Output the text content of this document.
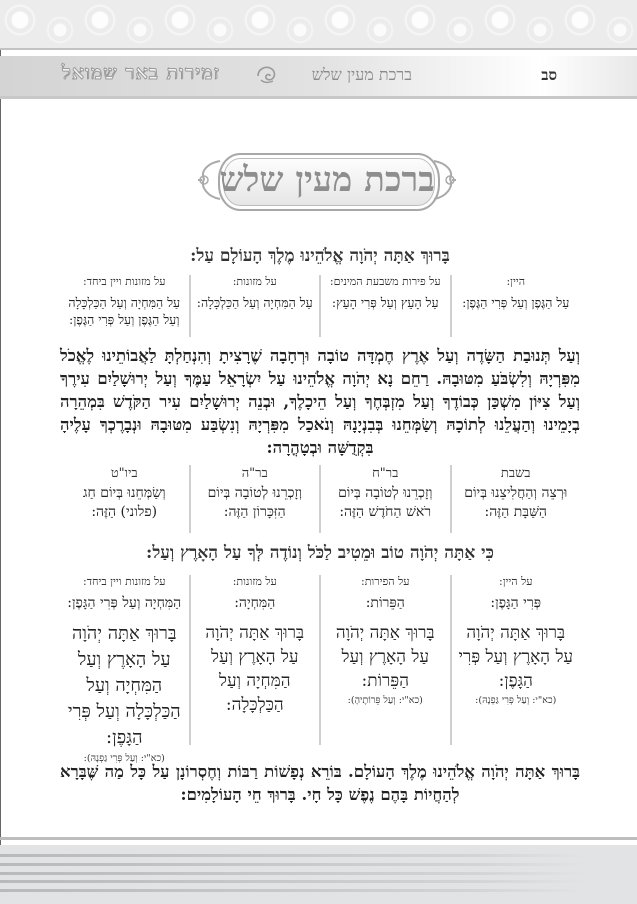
סב
ברכת מעין שלש
זמירות באר שמואל
ברכת מעין שלש
בָּרוּךְ אַתָּה יְהֹוָה אֱלֹהֵינוּ מֶלֶךְ הָעוֹלָם עַל:
היין:
עַל הַגֶּפֶן וְעַל פְּרִי הַגֶּפֶן:
על פירות משבעת המינים:
עַל הָעֵץ וְעַל פְּרִי הָעֵץ:
על מזונות:
עַל הַמִּחְיָה וְעַל הַכַּלְכָּלָה:
על מזונות ויין ביחד:
עַל הַמִּחְיָה וְעַל הַכַּלְכָּלָה וְעַל הַגֶּפֶן וְעַל פְּרִי הַגֶּפֶן:
וְעַל תְּנוּבַת הַשָּׂדֶה וְעַל אֶרֶץ חֶמְדָּה טוֹבָה וּרְחָבָה שֶׁרָצִיתָ וְהִנְחַלְתָּ לַאֲבוֹתֵינוּ לֶאֱכֹל מִפִּרְיָהּ וְלִשְׂבֹּעַ מִטּוּבָהּ. רַחֵם נָא יְהֹוָה אֱלֹהֵינוּ עַל יִשְׂרָאֵל עַמֶּךָ וְעַל יְרוּשָׁלַיִם עִירֶךָ וְעַל צִיּוֹן מִשְׁכַּן כְּבוֹדֶךָ וְעַל מִזְבְּחֶךָ וְעַל הֵיכָלֶךָ, וּבְנֵה יְרוּשָׁלַיִם עִיר הַקֹּדֶשׁ בִּמְהֵרָה בְיָמֵינוּ וְהַעֲלֵנוּ לְתוֹכָהּ וְשַׂמְּחֵנוּ בְּבִנְיָנָהּ וְנֹאכַל מִפִּרְיָהּ וְנִשְׂבַּע מִטּוּבָהּ וּנְבָרֶכְךָ עָלֶיהָ בִּקְדֻשָּׁה וּבְטָהֳרָה:
בשבת
וּרְצֵה וְהַחֲלִיצֵנוּ בְּיוֹם הַשַּׁבָּת הַזֶּה:
בר"ח
וְזָכְרֵנוּ לְטוֹבָה בְּיוֹם רֹאשׁ הַחֹדֶשׁ הַזֶּה:
בר"ה
וְזָכְרֵנוּ לְטוֹבָה בְּיוֹם הַזִּכָּרוֹן הַזֶּה:
ביו"ט
וְשַׂמְּחֵנוּ בְּיוֹם חַג (פלוני) הַזֶּה:
כִּי אַתָּה יְהֹוָה טוֹב וּמֵטִיב לַכֹּל וְנוֹדֶה לְּךָ עַל הָאָרֶץ וְעַל:
על היין:
פְּרִי הַגָּפֶן:
בָּרוּךְ אַתָּה יְהֹוָה עַל הָאָרֶץ וְעַל פְּרִי הַגָּפֶן:
(כא"י: וְעַל פְּרִי גַּפְנָהּ):
על הפירות:
הַפֵּרוֹת:
בָּרוּךְ אַתָּה יְהֹוָה עַל הָאָרֶץ וְעַל הַפֵּרוֹת:
(כא"י: וְעַל פֵּרוֹתֶיהָ):
על מזונות:
הַמִּחְיָה:
בָּרוּךְ אַתָּה יְהֹוָה עַל הָאָרֶץ וְעַל הַמִּחְיָה וְעַל הַכַּלְכָּלָה:
על מזונות ויין ביחד:
הַמִּחְיָה וְעַל פְּרִי הַגָּפֶן:
בָּרוּךְ אַתָּה יְהֹוָה עַל הָאָרֶץ וְעַל הַמִּחְיָה וְעַל הַכַּלְכָּלָה וְעַל פְּרִי הַגָּפֶן:
(כא"י: וְעַל פְּרִי גַּפְנָהּ):
בָּרוּךְ אַתָּה יְהֹוָה אֱלֹהֵינוּ מֶלֶךְ הָעוֹלָם. בּוֹרֵא נְפָשׁוֹת רַבּוֹת וְחֶסְרוֹנָן עַל כָּל מַה שֶּׁבָּרָא לְהַחֲיוֹת בָּהֶם נֶפֶשׁ כָּל חָי. בָּרוּךְ חֵי הָעוֹלָמִים:
